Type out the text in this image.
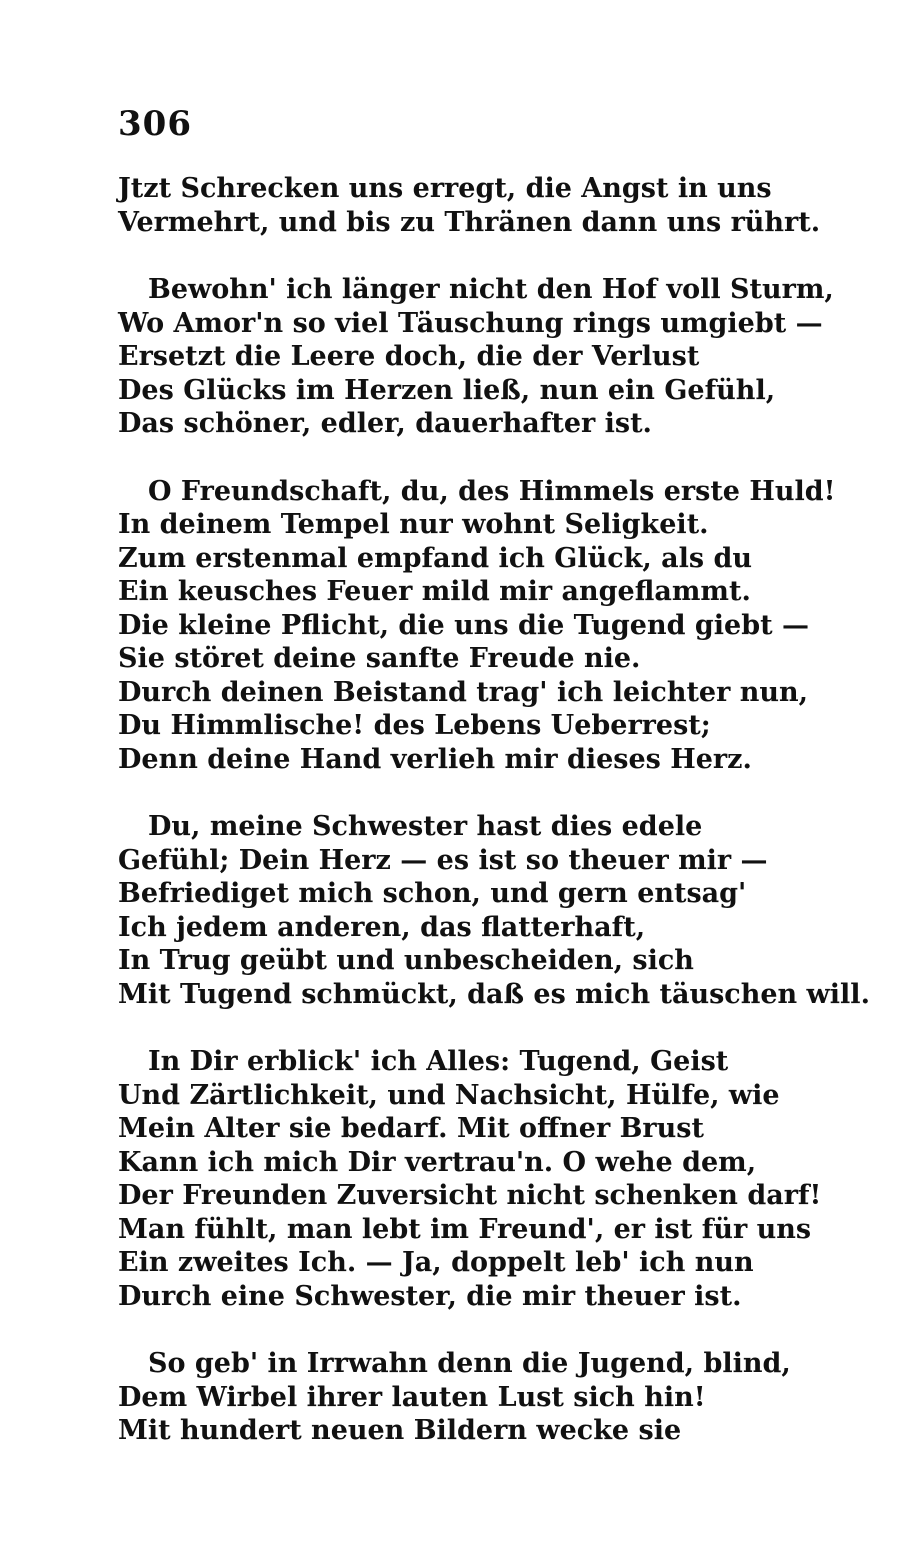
306
Jtzt Schrecken uns erregt, die Angst in uns
Vermehrt, und bis zu Thränen dann uns rührt.
Bewohn' ich länger nicht den Hof voll Sturm,
Wo Amor'n so viel Täuschung rings umgiebt —
Ersetzt die Leere doch, die der Verlust
Des Glücks im Herzen ließ, nun ein Gefühl,
Das schöner, edler, dauerhafter ist.
O Freundschaft, du, des Himmels erste Huld!
In deinem Tempel nur wohnt Seligkeit.
Zum erstenmal empfand ich Glück, als du
Ein keusches Feuer mild mir angeflammt.
Die kleine Pflicht, die uns die Tugend giebt —
Sie störet deine sanfte Freude nie.
Durch deinen Beistand trag' ich leichter nun,
Du Himmlische! des Lebens Ueberrest;
Denn deine Hand verlieh mir dieses Herz.
Du, meine Schwester hast dies edele
Gefühl; Dein Herz — es ist so theuer mir —
Befriediget mich schon, und gern entsag'
Ich jedem anderen, das flatterhaft,
In Trug geübt und unbescheiden, sich
Mit Tugend schmückt, daß es mich täuschen will.
In Dir erblick' ich Alles: Tugend, Geist
Und Zärtlichkeit, und Nachsicht, Hülfe, wie
Mein Alter sie bedarf. Mit offner Brust
Kann ich mich Dir vertrau'n. O wehe dem,
Der Freunden Zuversicht nicht schenken darf!
Man fühlt, man lebt im Freund', er ist für uns
Ein zweites Ich. — Ja, doppelt leb' ich nun
Durch eine Schwester, die mir theuer ist.
So geb' in Irrwahn denn die Jugend, blind,
Dem Wirbel ihrer lauten Lust sich hin!
Mit hundert neuen Bildern wecke sie
